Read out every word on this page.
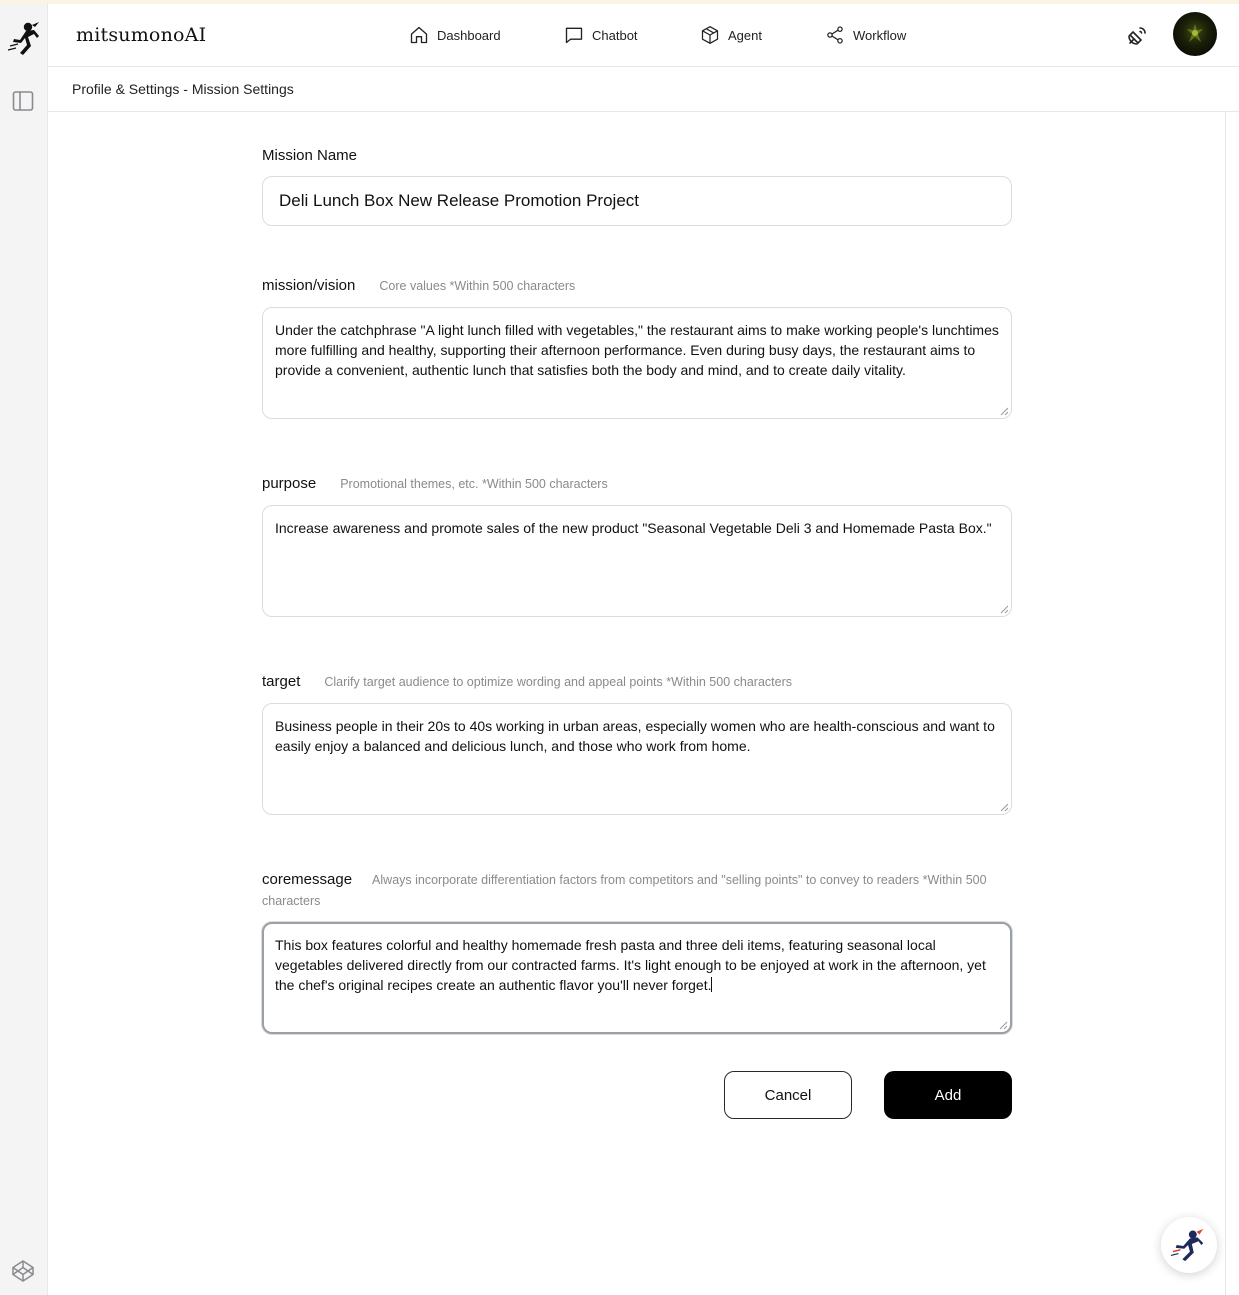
mitsumonoAI	Dashboard	Chatbot	Agent	Workflow
Profile & Settings - Mission Settings
Mission Name
Deli Lunch Box New Release Promotion Project
mission/vision Core values *Within 500 characters
Under the catchphrase "A light lunch filled with vegetables," the restaurant aims to make working people's lunchtimes more fulfilling and healthy, supporting their afternoon performance. Even during busy days, the restaurant aims to provide a convenient, authentic lunch that satisfies both the body and mind, and to create daily vitality.
purpose Promotional themes, etc. *Within 500 characters
Increase awareness and promote sales of the new product "Seasonal Vegetable Deli 3 and Homemade Pasta Box."
target Clarify target audience to optimize wording and appeal points *Within 500 characters
Business people in their 20s to 40s working in urban areas, especially women who are health-conscious and want to easily enjoy a balanced and delicious lunch, and those who work from home.
coremessage Always incorporate differentiation factors from competitors and "selling points" to convey to readers *Within 500 characters
This box features colorful and healthy homemade fresh pasta and three deli items, featuring seasonal local vegetables delivered directly from our contracted farms. It's light enough to be enjoyed at work in the afternoon, yet the chef's original recipes create an authentic flavor you'll never forget.
Cancel	Add
